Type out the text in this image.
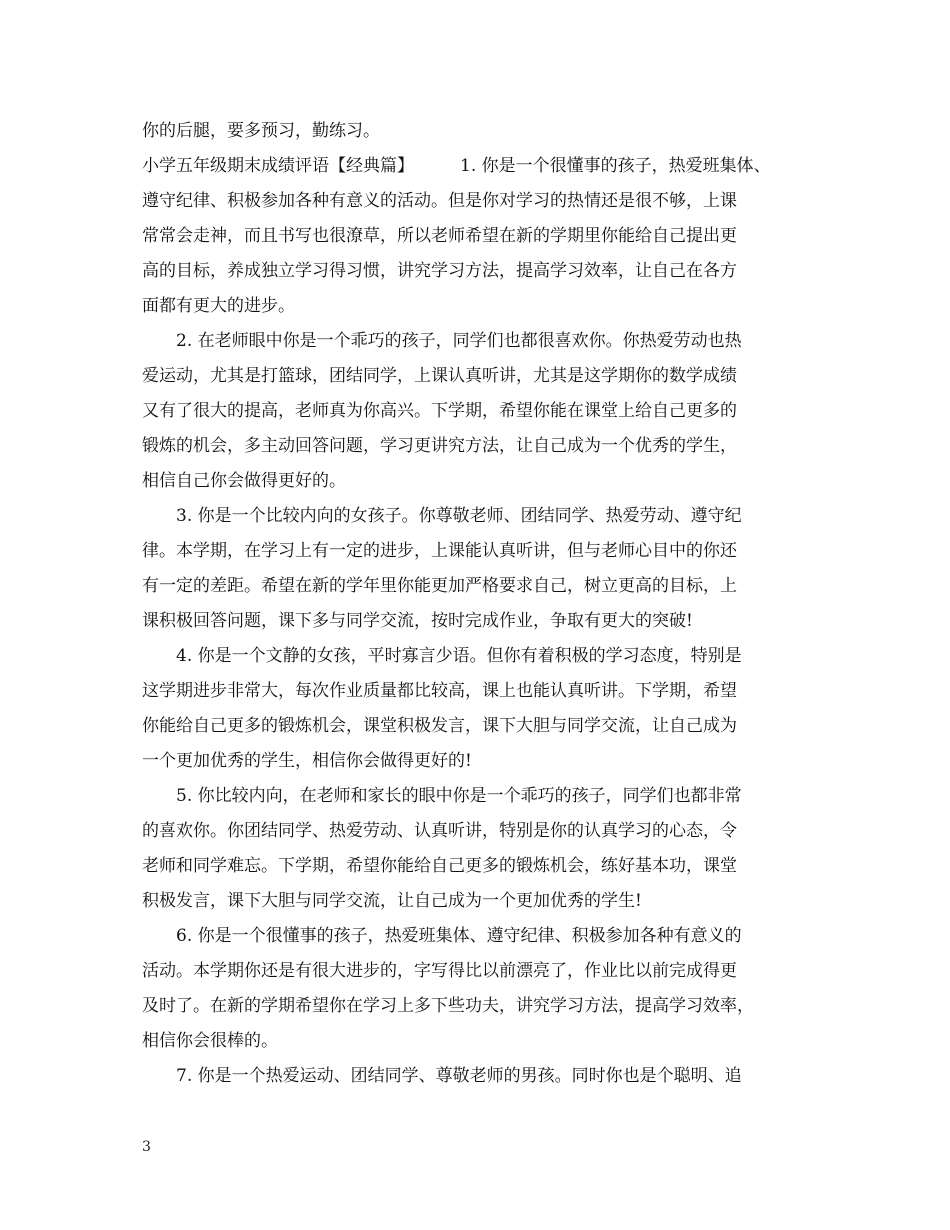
你的后腿，要多预习，勤练习。
小学五年级期末成绩评语【经典篇】	1. 你是一个很懂事的孩子，热爱班集体、
遵守纪律、积极参加各种有意义的活动。但是你对学习的热情还是很不够，上课
常常会走神，而且书写也很潦草，所以老师希望在新的学期里你能给自己提出更
高的目标，养成独立学习得习惯，讲究学习方法，提高学习效率，让自己在各方
面都有更大的进步。
2. 在老师眼中你是一个乖巧的孩子，同学们也都很喜欢你。你热爱劳动也热
爱运动，尤其是打篮球，团结同学，上课认真听讲，尤其是这学期你的数学成绩
又有了很大的提高，老师真为你高兴。下学期，希望你能在课堂上给自己更多的
锻炼的机会，多主动回答问题，学习更讲究方法，让自己成为一个优秀的学生，
相信自己你会做得更好的。
3. 你是一个比较内向的女孩子。你尊敬老师、团结同学、热爱劳动、遵守纪
律。本学期，在学习上有一定的进步，上课能认真听讲，但与老师心目中的你还
有一定的差距。希望在新的学年里你能更加严格要求自己，树立更高的目标，上
课积极回答问题，课下多与同学交流，按时完成作业，争取有更大的突破!
4. 你是一个文静的女孩，平时寡言少语。但你有着积极的学习态度，特别是
这学期进步非常大，每次作业质量都比较高，课上也能认真听讲。下学期，希望
你能给自己更多的锻炼机会，课堂积极发言，课下大胆与同学交流，让自己成为
一个更加优秀的学生，相信你会做得更好的!
5. 你比较内向，在老师和家长的眼中你是一个乖巧的孩子，同学们也都非常
的喜欢你。你团结同学、热爱劳动、认真听讲，特别是你的认真学习的心态，令
老师和同学难忘。下学期，希望你能给自己更多的锻炼机会，练好基本功，课堂
积极发言，课下大胆与同学交流，让自己成为一个更加优秀的学生!
6. 你是一个很懂事的孩子，热爱班集体、遵守纪律、积极参加各种有意义的
活动。本学期你还是有很大进步的，字写得比以前漂亮了，作业比以前完成得更
及时了。在新的学期希望你在学习上多下些功夫，讲究学习方法，提高学习效率，
相信你会很棒的。
7. 你是一个热爱运动、团结同学、尊敬老师的男孩。同时你也是个聪明、追
3
